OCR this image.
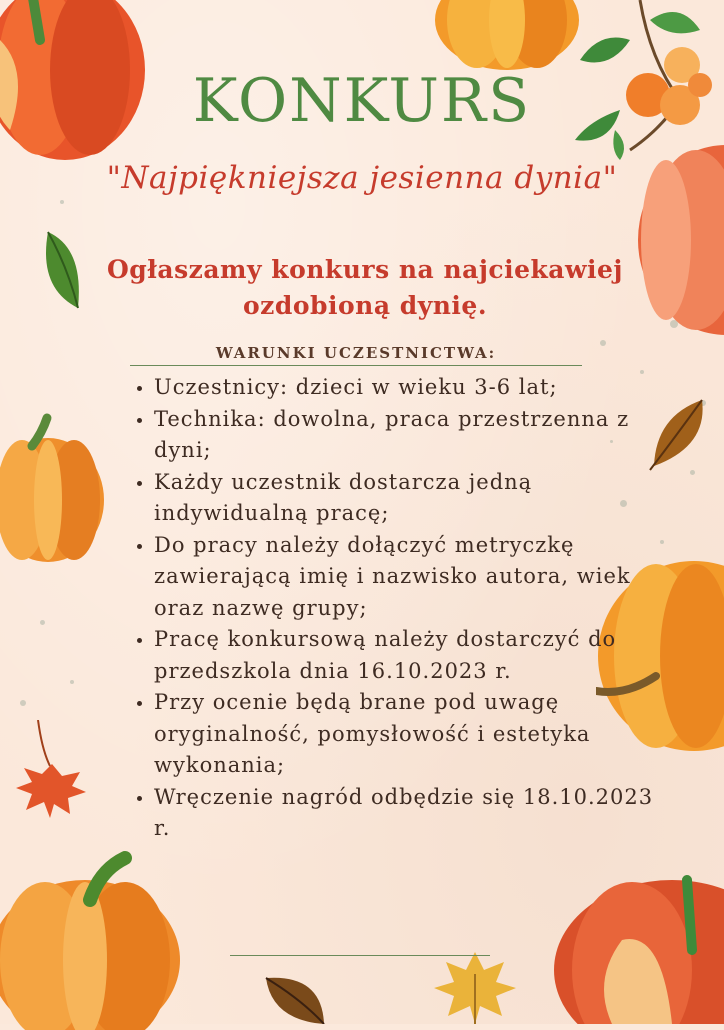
KONKURS
"Najpiękniejsza jesienna dynia"
Ogłaszamy konkurs na najciekawiej ozdobioną dynię.
WARUNKI UCZESTNICTWA:
• Uczestnicy: dzieci w wieku 3-6 lat;
• Technika: dowolna, praca przestrzenna z dyni;
• Każdy uczestnik dostarcza jedną indywidualną pracę;
• Do pracy należy dołączyć metryczkę zawierającą imię i nazwisko autora, wiek oraz nazwę grupy;
• Pracę konkursową należy dostarczyć do przedszkola dnia 16.10.2023 r.
• Przy ocenie będą brane pod uwagę oryginalność, pomysłowość i estetyka wykonania;
• Wręczenie nagród odbędzie się 18.10.2023 r.
